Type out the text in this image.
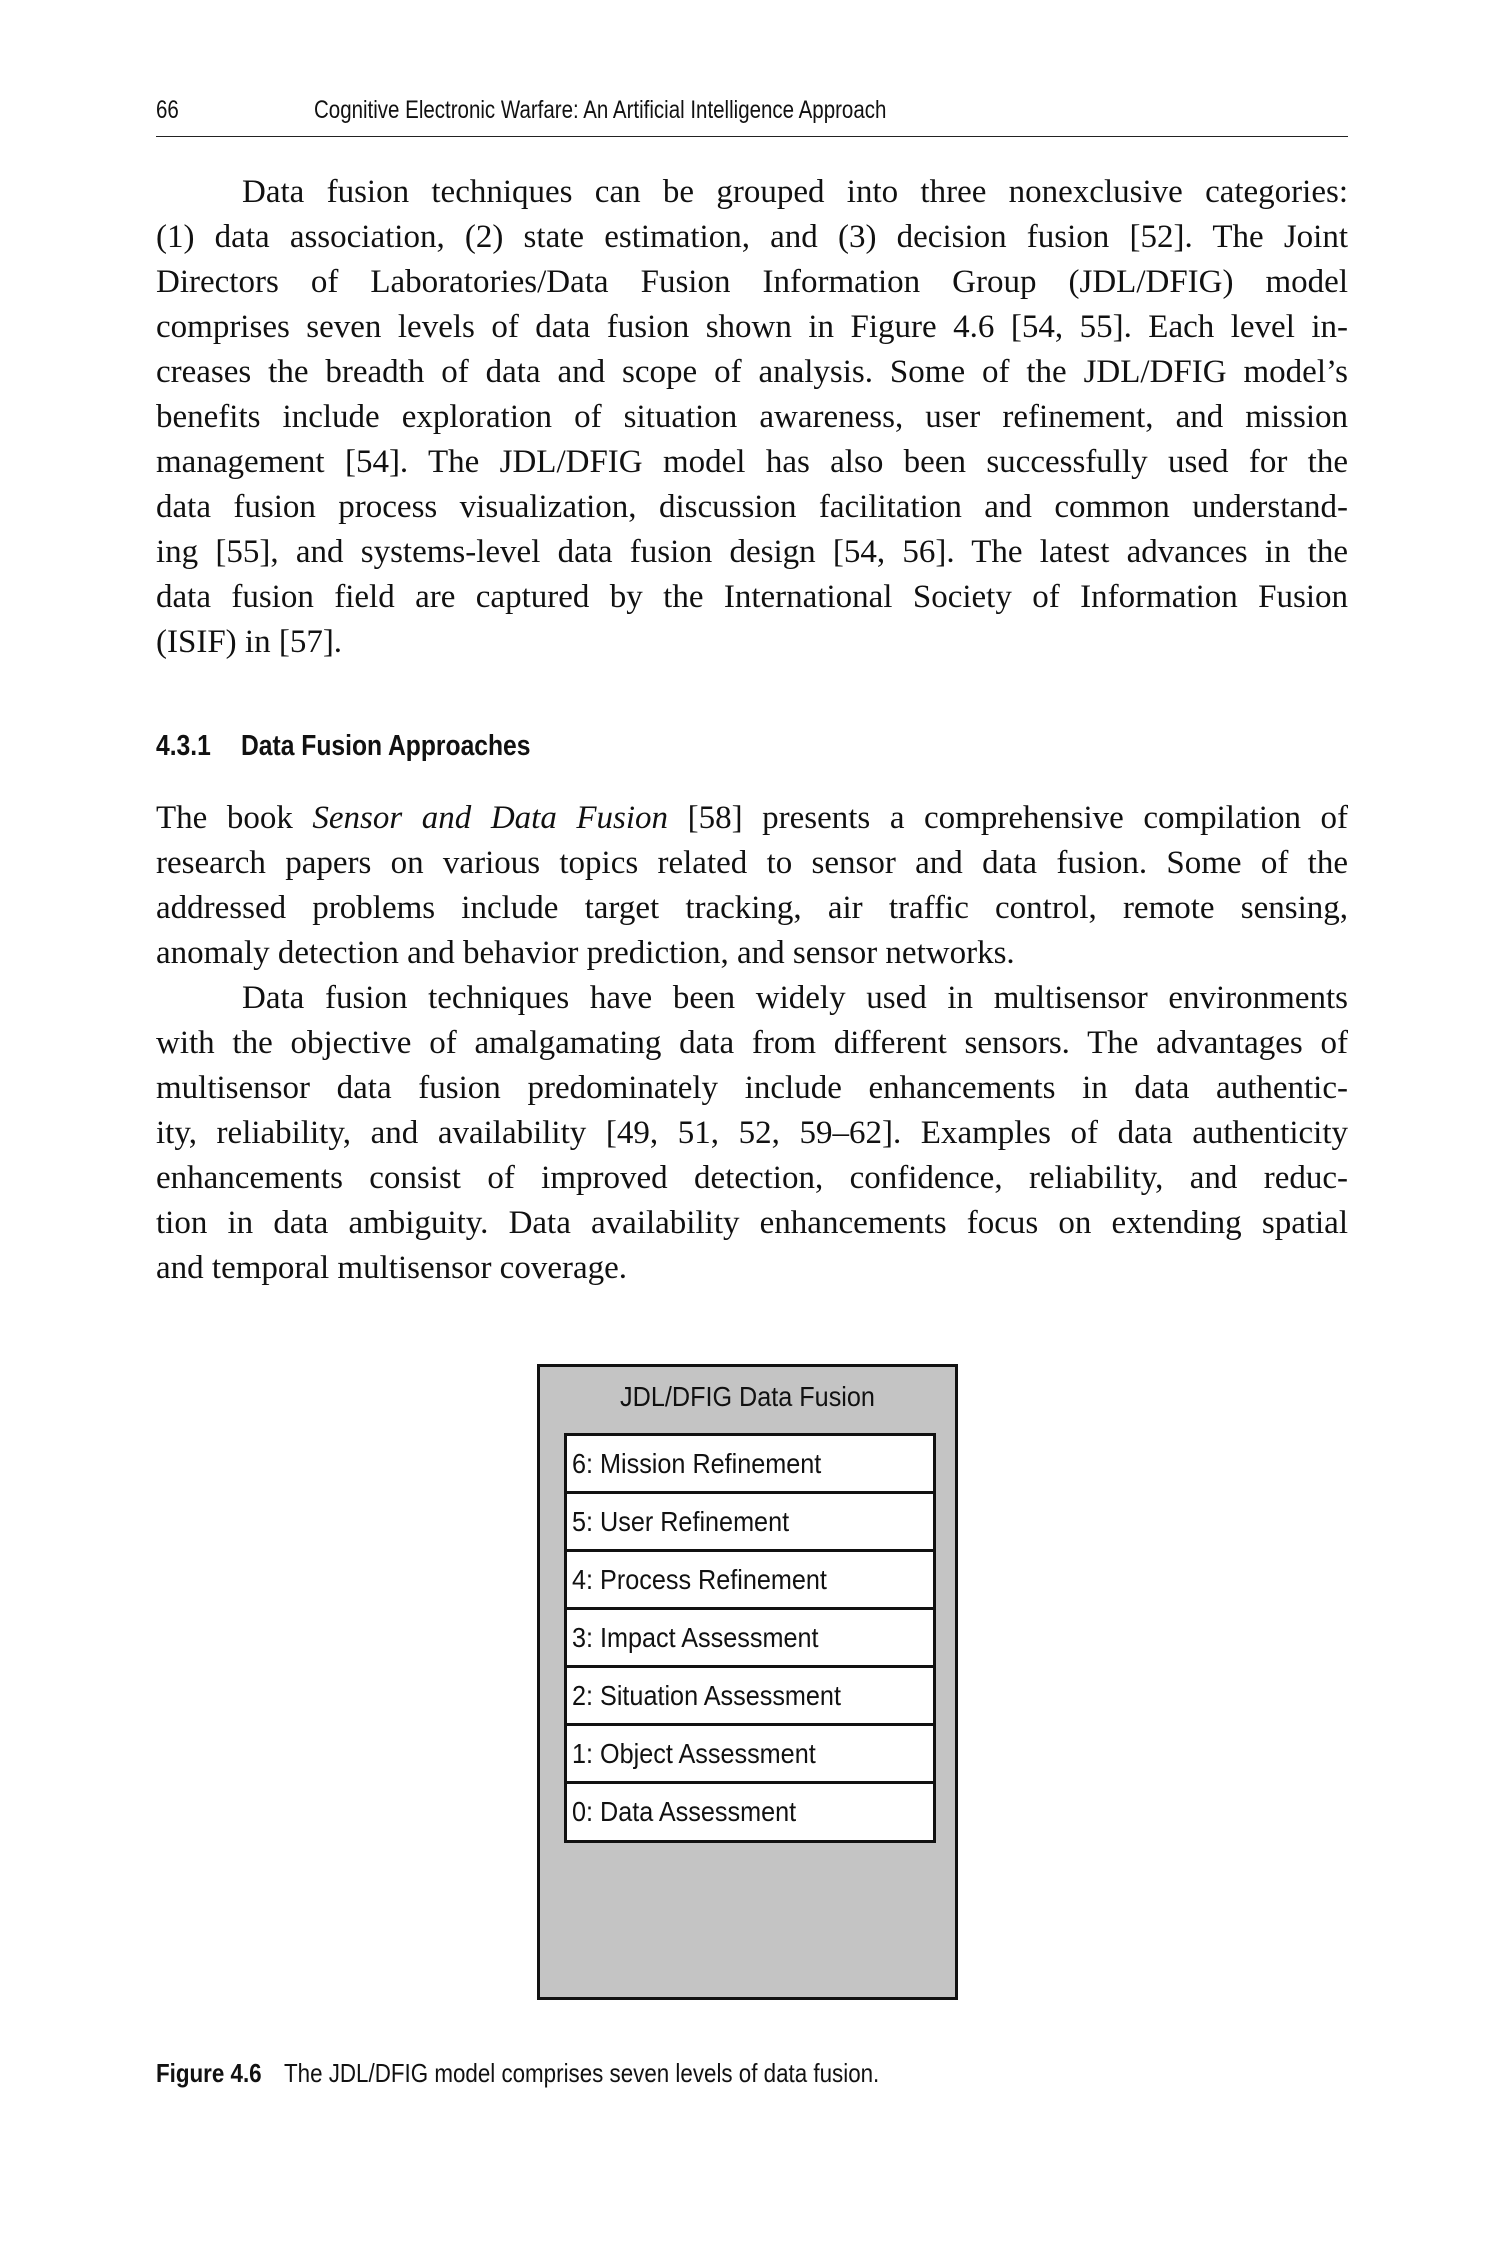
66	Cognitive Electronic Warfare: An Artificial Intelligence Approach
Data fusion techniques can be grouped into three nonexclusive categories:
(1) data association, (2) state estimation, and (3) decision fusion [52]. The Joint
Directors of Laboratories/Data Fusion Information Group (JDL/DFIG) model
comprises seven levels of data fusion shown in Figure 4.6 [54, 55]. Each level in-
creases the breadth of data and scope of analysis. Some of the JDL/DFIG model’s
benefits include exploration of situation awareness, user refinement, and mission
management [54]. The JDL/DFIG model has also been successfully used for the
data fusion process visualization, discussion facilitation and common understand-
ing [55], and systems-level data fusion design [54, 56]. The latest advances in the
data fusion field are captured by the International Society of Information Fusion
(ISIF) in [57].
4.3.1 Data Fusion Approaches
The book Sensor and Data Fusion [58] presents a comprehensive compilation of
research papers on various topics related to sensor and data fusion. Some of the
addressed problems include target tracking, air traffic control, remote sensing,
anomaly detection and behavior prediction, and sensor networks.
Data fusion techniques have been widely used in multisensor environments
with the objective of amalgamating data from different sensors. The advantages of
multisensor data fusion predominately include enhancements in data authentic-
ity, reliability, and availability [49, 51, 52, 59–62]. Examples of data authenticity
enhancements consist of improved detection, confidence, reliability, and reduc-
tion in data ambiguity. Data availability enhancements focus on extending spatial
and temporal multisensor coverage.
JDL/DFIG Data Fusion
6: Mission Refinement
5: User Refinement
4: Process Refinement
3: Impact Assessment
2: Situation Assessment
1: Object Assessment
0: Data Assessment
Figure 4.6 The JDL/DFIG model comprises seven levels of data fusion.
